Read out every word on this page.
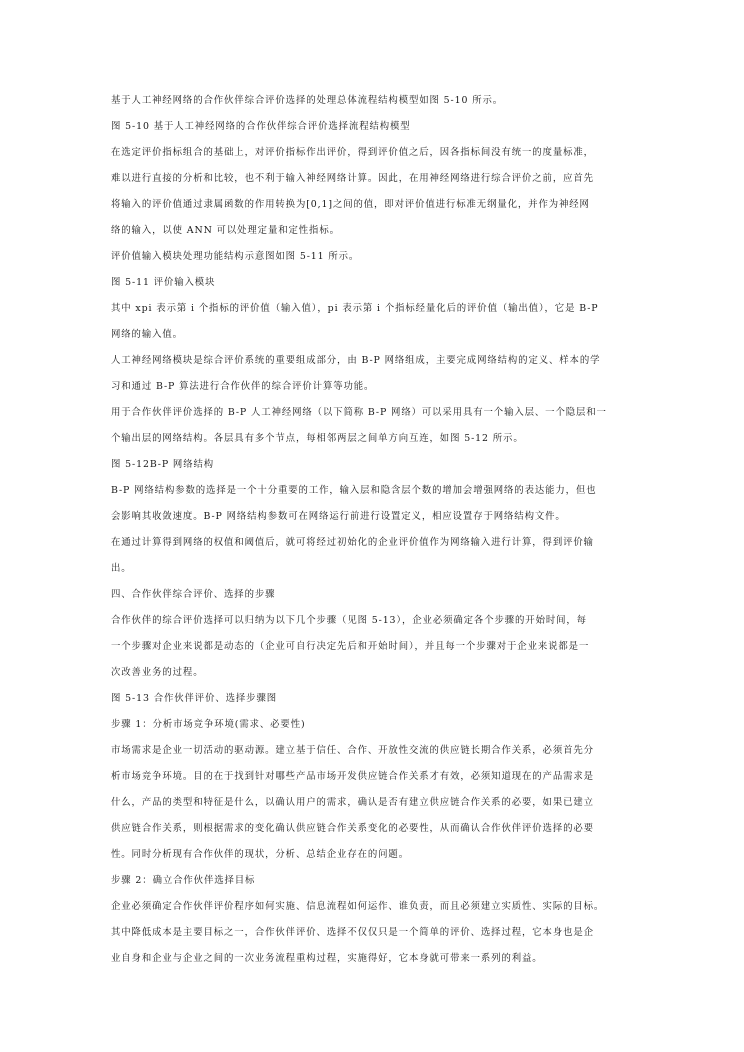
基于人工神经网络的合作伙伴综合评价选择的处理总体流程结构模型如图 5-10 所示。
图 5-10 基于人工神经网络的合作伙伴综合评价选择流程结构模型
在选定评价指标组合的基础上，对评价指标作出评价，得到评价值之后，因各指标间没有统一的度量标准，
难以进行直接的分析和比较，也不利于输入神经网络计算。因此，在用神经网络进行综合评价之前，应首先
将输入的评价值通过隶属函数的作用转换为[0,1]之间的值，即对评价值进行标准无纲量化，并作为神经网
络的输入，以使 ANN 可以处理定量和定性指标。
评价值输入模块处理功能结构示意图如图 5-11 所示。
图 5-11 评价输入模块
其中 xpi 表示第 i 个指标的评价值（输入值），pi 表示第 i 个指标经量化后的评价值（输出值），它是 B-P
网络的输入值。
人工神经网络模块是综合评价系统的重要组成部分，由 B-P 网络组成，主要完成网络结构的定义、样本的学
习和通过 B-P 算法进行合作伙伴的综合评价计算等功能。
用于合作伙伴评价选择的 B-P 人工神经网络（以下简称 B-P 网络）可以采用具有一个输入层、一个隐层和一
个输出层的网络结构。各层具有多个节点，每相邻两层之间单方向互连，如图 5-12 所示。
图 5-12B-P 网络结构
B-P 网络结构参数的选择是一个十分重要的工作，输入层和隐含层个数的增加会增强网络的表达能力，但也
会影响其收敛速度。B-P 网络结构参数可在网络运行前进行设置定义，相应设置存于网络结构文件。
在通过计算得到网络的权值和阈值后，就可将经过初始化的企业评价值作为网络输入进行计算，得到评价输
出。
四、合作伙伴综合评价、选择的步骤
合作伙伴的综合评价选择可以归纳为以下几个步骤（见图 5-13），企业必须确定各个步骤的开始时间，每
一个步骤对企业来说都是动态的（企业可自行决定先后和开始时间），并且每一个步骤对于企业来说都是一
次改善业务的过程。
图 5-13 合作伙伴评价、选择步骤图
步骤 1：分析市场竞争环境(需求、必要性)
市场需求是企业一切活动的驱动源。建立基于信任、合作、开放性交流的供应链长期合作关系，必须首先分
析市场竞争环境。目的在于找到针对哪些产品市场开发供应链合作关系才有效，必须知道现在的产品需求是
什么，产品的类型和特征是什么，以确认用户的需求，确认是否有建立供应链合作关系的必要，如果已建立
供应链合作关系，则根据需求的变化确认供应链合作关系变化的必要性，从而确认合作伙伴评价选择的必要
性。同时分析现有合作伙伴的现状，分析、总结企业存在的问题。
步骤 2：确立合作伙伴选择目标
企业必须确定合作伙伴评价程序如何实施、信息流程如何运作、谁负责，而且必须建立实质性、实际的目标。
其中降低成本是主要目标之一，合作伙伴评价、选择不仅仅只是一个简单的评价、选择过程，它本身也是企
业自身和企业与企业之间的一次业务流程重构过程，实施得好，它本身就可带来一系列的利益。
